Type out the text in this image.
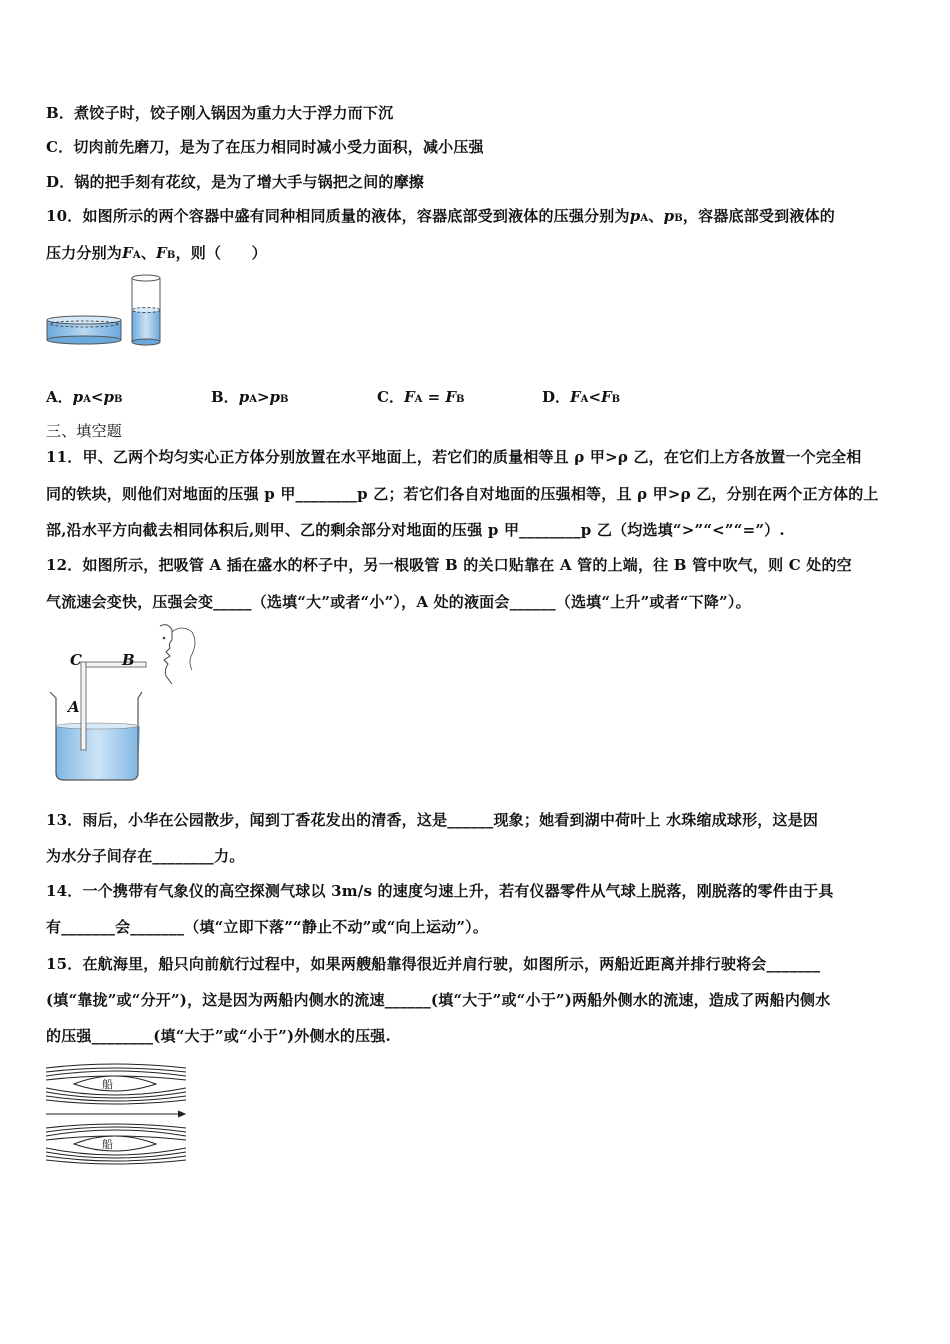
B．煮饺子时，饺子刚入锅因为重力大于浮力而下沉
C．切肉前先磨刀，是为了在压力相同时减小受力面积，减小压强
D．锅的把手刻有花纹，是为了增大手与锅把之间的摩擦
10．如图所示的两个容器中盛有同种相同质量的液体，容器底部受到液体的压强分别为pA、pB，容器底部受到液体的
压力分别为FA、FB，则（　　）
A．pA<pB	B．pA>pB	C．FA = FB	D．FA<FB
三、填空题
11．甲、乙两个均匀实心正方体分别放置在水平地面上，若它们的质量相等且 ρ 甲>ρ 乙，在它们上方各放置一个完全相
同的铁块，则他们对地面的压强 p 甲________p 乙；若它们各自对地面的压强相等，且 ρ 甲>ρ 乙，分别在两个正方体的上
部,沿水平方向截去相同体积后,则甲、乙的剩余部分对地面的压强 p 甲________p 乙（均选填“>”“<”“=”）.
12．如图所示，把吸管 A 插在盛水的杯子中，另一根吸管 B 的关口贴靠在 A 管的上端，往 B 管中吹气，则 C 处的空
气流速会变快，压强会变_____（选填“大”或者“小”），A 处的液面会______（选填“上升”或者“下降”）。
C	B
A
13．雨后，小华在公园散步，闻到丁香花发出的清香，这是______现象；她看到湖中荷叶上 水珠缩成球形，这是因
为水分子间存在________力。
14．一个携带有气象仪的高空探测气球以 3m/s 的速度匀速上升，若有仪器零件从气球上脱落，刚脱落的零件由于具
有_______会_______（填“立即下落”“静止不动”或“向上运动”）。
15．在航海里，船只向前航行过程中，如果两艘船靠得很近并肩行驶，如图所示，两船近距离并排行驶将会_______
(填“靠拢”或“分开”)，这是因为两船内侧水的流速______(填“大于”或“小于”)两船外侧水的流速，造成了两船内侧水
的压强________(填“大于”或“小于”)外侧水的压强.
船
船
